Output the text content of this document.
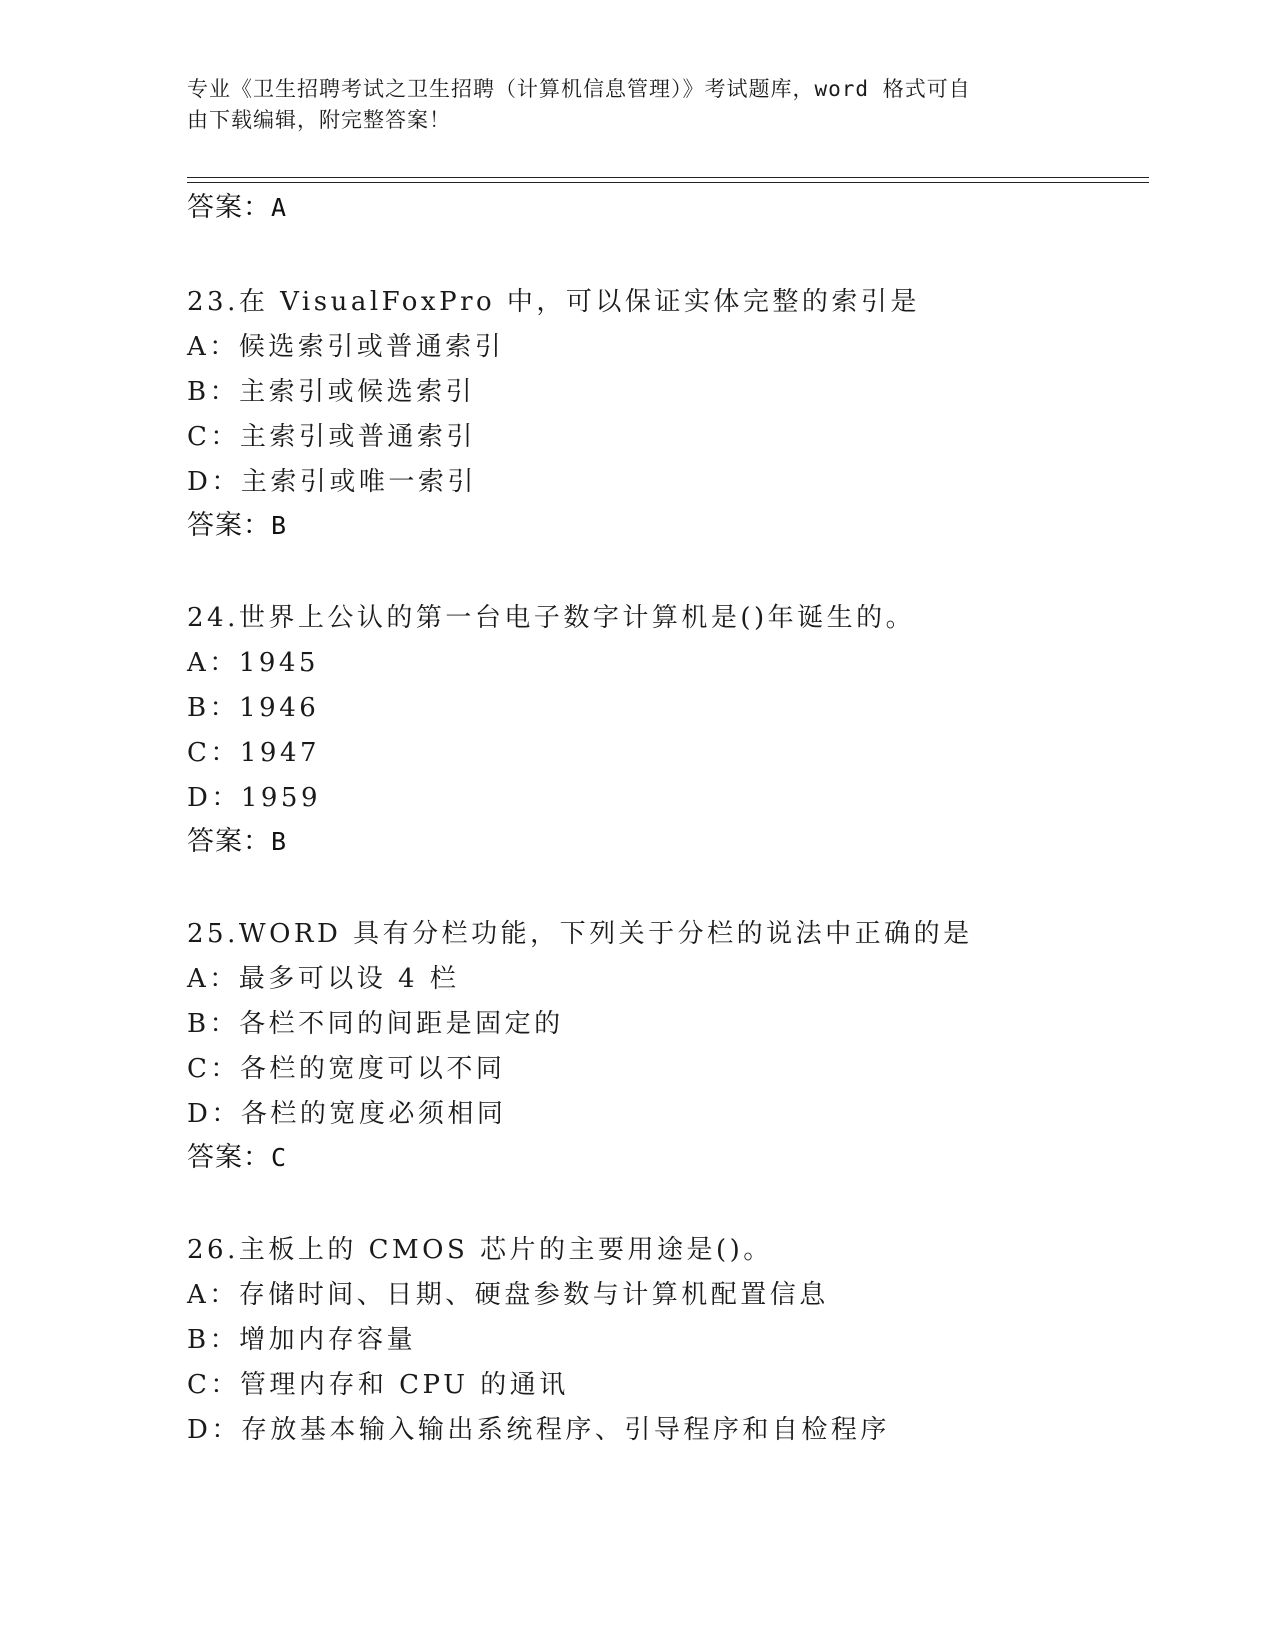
专业《卫生招聘考试之卫生招聘（计算机信息管理）》考试题库，word 格式可自
由下载编辑，附完整答案！
答案：A
23.在 VisualFoxPro 中，可以保证实体完整的索引是
A：候选索引或普通索引
B：主索引或候选索引
C：主索引或普通索引
D：主索引或唯一索引
答案：B
24.世界上公认的第一台电子数字计算机是()年诞生的。
A：1945
B：1946
C：1947
D：1959
答案：B
25.WORD 具有分栏功能，下列关于分栏的说法中正确的是
A：最多可以设 4 栏
B：各栏不同的间距是固定的
C：各栏的宽度可以不同
D：各栏的宽度必须相同
答案：C
26.主板上的 CMOS 芯片的主要用途是()。
A：存储时间、日期、硬盘参数与计算机配置信息
B：增加内存容量
C：管理内存和 CPU 的通讯
D：存放基本输入输出系统程序、引导程序和自检程序
